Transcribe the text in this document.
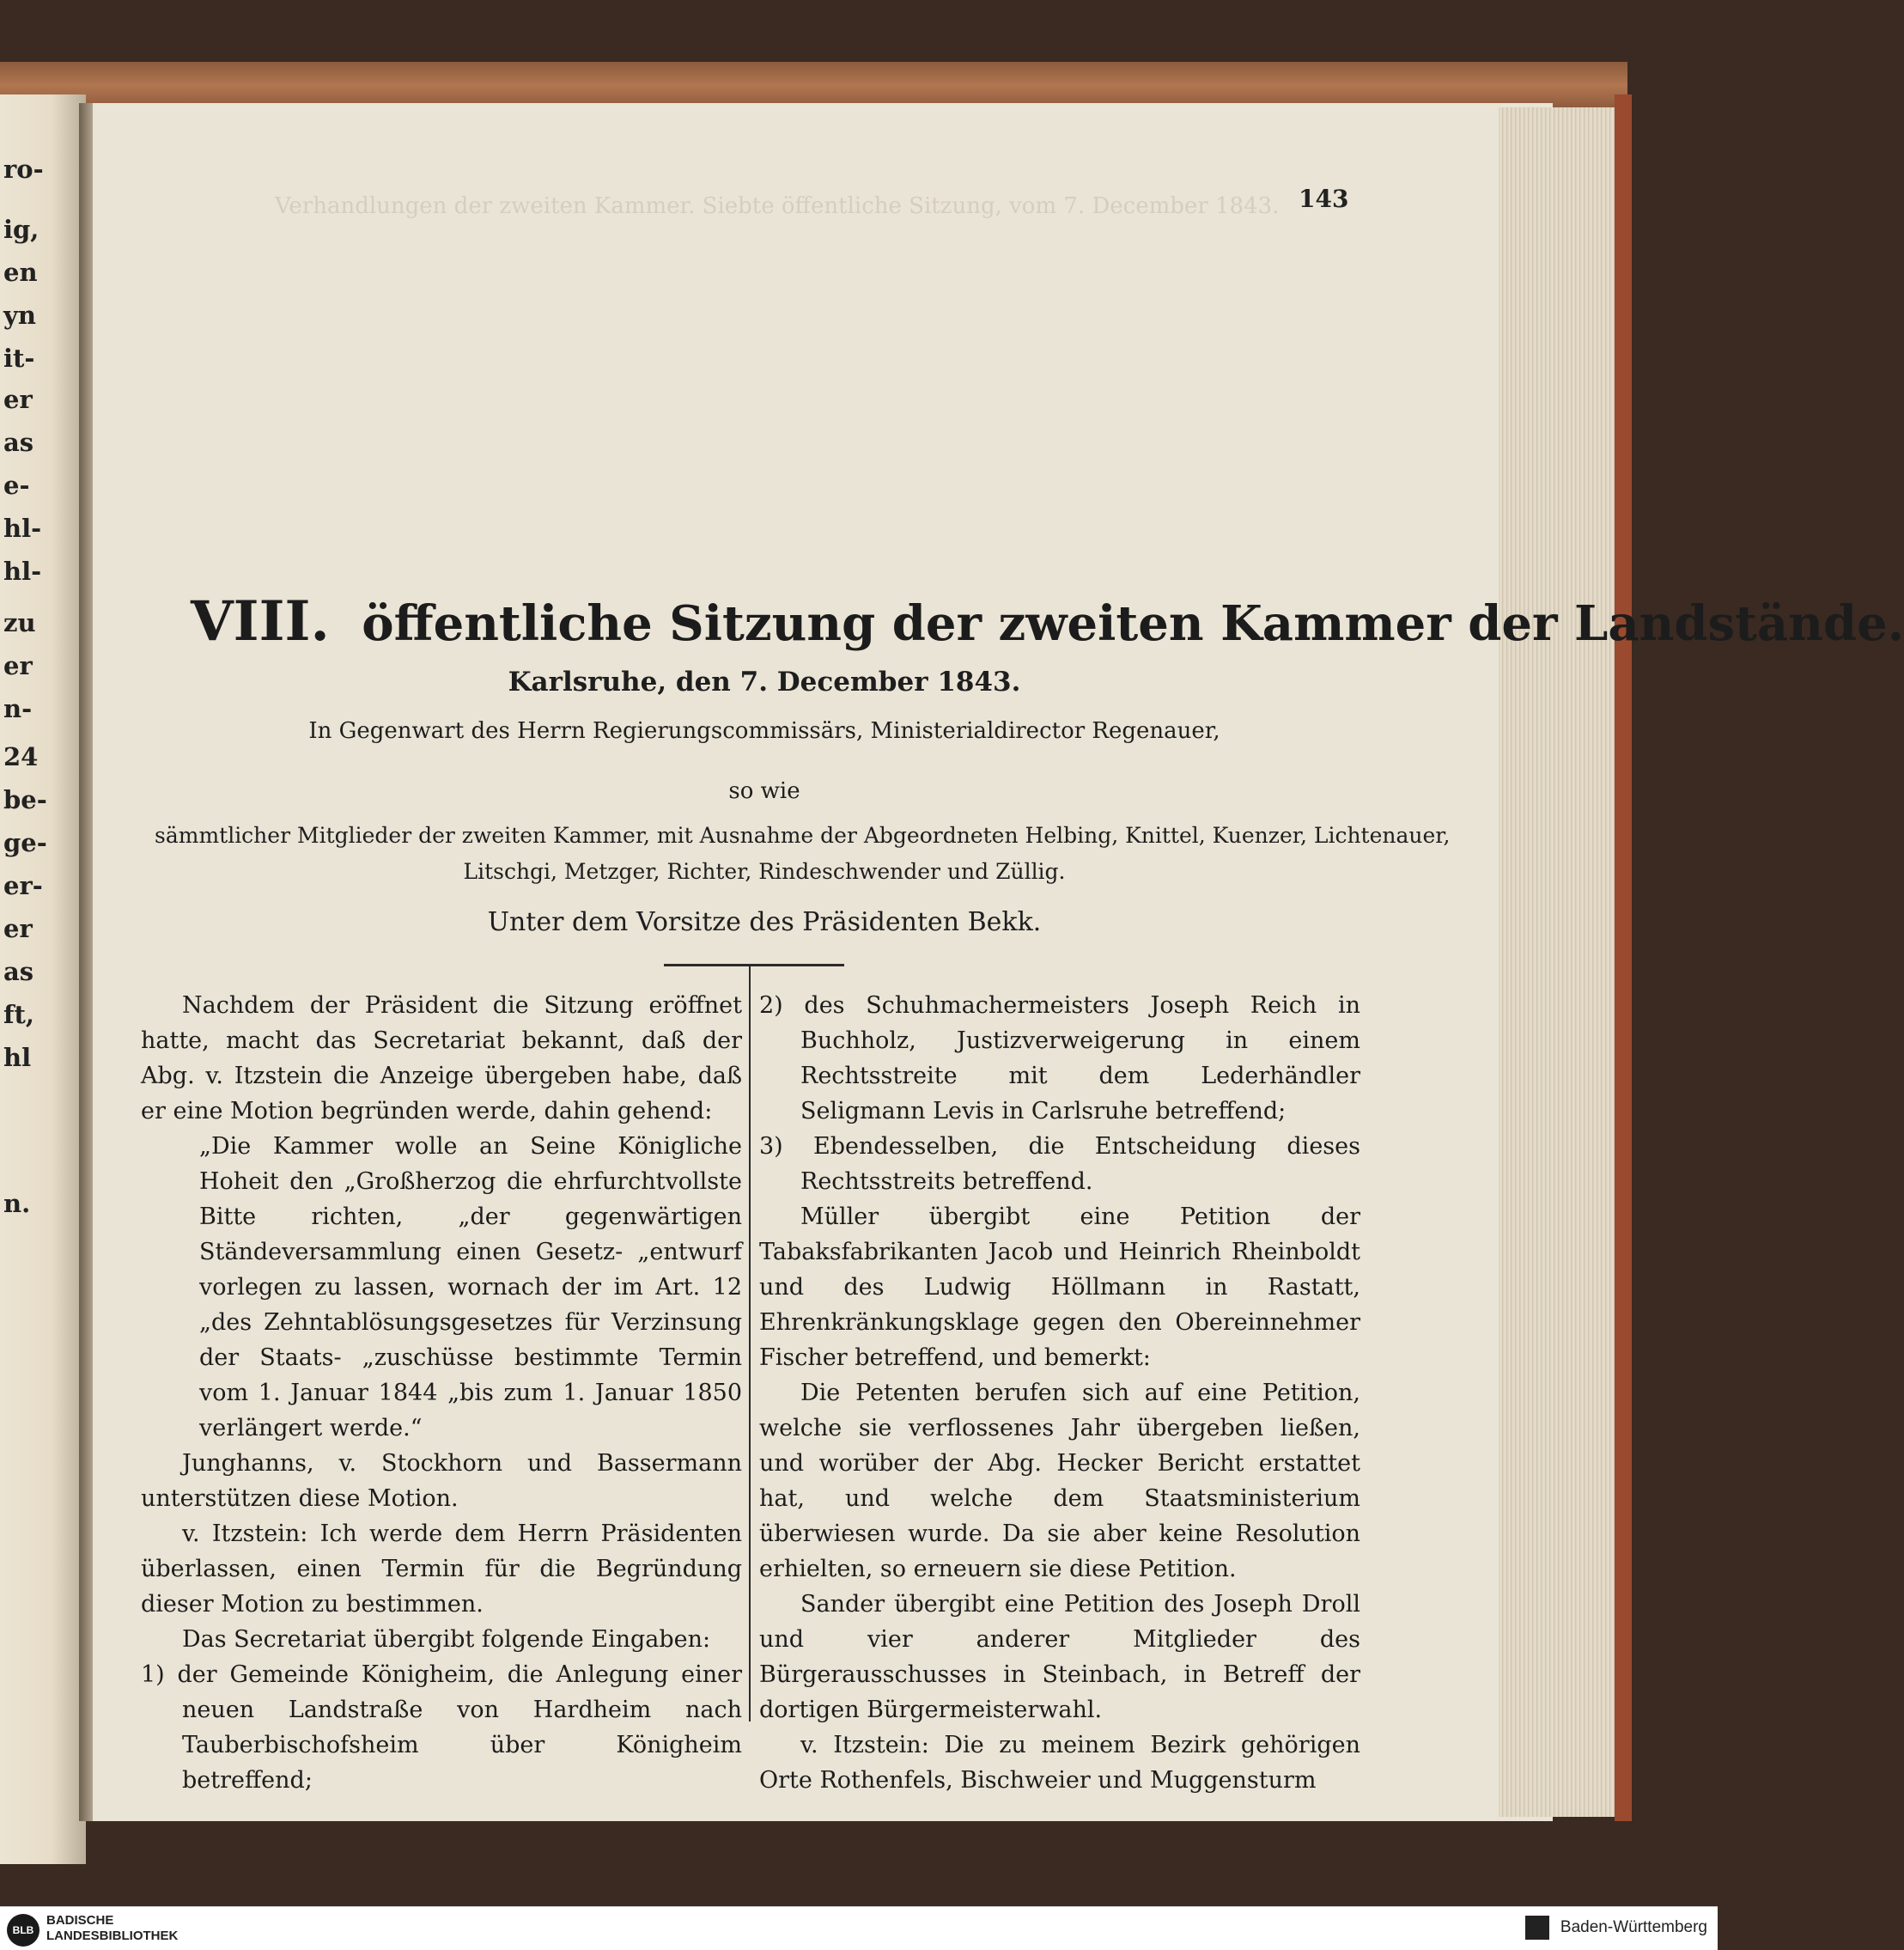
ro-
ig,
en
yn
it-
er
as
e-
hl-
hl-
zu
er
n-
24
be-
ge-
er-
er
as
ft,
hl
n.
Verhandlungen der zweiten Kammer. Siebte öffentliche Sitzung, vom 7. December 1843. 143
VIII. öffentliche Sitzung der zweiten Kammer der Landstände.
Karlsruhe, den 7. December 1843.
In Gegenwart des Herrn Regierungscommissärs, Ministerialdirector Regenauer,
so wie
sämmtlicher Mitglieder der zweiten Kammer, mit Ausnahme der Abgeordneten Helbing, Knittel, Kuenzer, Lichtenauer,
Litschgi, Metzger, Richter, Rindeschwender und Züllig.
Unter dem Vorsitze des Präsidenten Bekk.

Nachdem der Präsident die Sitzung eröffnet hatte, macht das Secretariat bekannt, daß der Abg. v. Itzstein die Anzeige übergeben habe, daß er eine Motion begründen werde, dahin gehend:

„Die Kammer wolle an Seine Königliche Hoheit den „Großherzog die ehrfurchtvollste Bitte richten, „der gegenwärtigen Ständeversammlung einen Gesetz- „entwurf vorlegen zu lassen, wornach der im Art. 12 „des Zehntablösungsgesetzes für Verzinsung der Staats- „zuschüsse bestimmte Termin vom 1. Januar 1844 „bis zum 1. Januar 1850 verlängert werde.“

Junghanns, v. Stockhorn und Bassermann unterstützen diese Motion.

v. Itzstein: Ich werde dem Herrn Präsidenten überlassen, einen Termin für die Begründung dieser Motion zu bestimmen.

Das Secretariat übergibt folgende Eingaben:

1) der Gemeinde Königheim, die Anlegung einer neuen Landstraße von Hardheim nach Tauberbischofsheim über Königheim betreffend;

2) des Schuhmachermeisters Joseph Reich in Buchholz, Justizverweigerung in einem Rechtsstreite mit dem Lederhändler Seligmann Levis in Carlsruhe betreffend;

3) Ebendesselben, die Entscheidung dieses Rechtsstreits betreffend.

Müller übergibt eine Petition der Tabaksfabrikanten Jacob und Heinrich Rheinboldt und des Ludwig Höllmann in Rastatt, Ehrenkränkungsklage gegen den Obereinnehmer Fischer betreffend, und bemerkt:

Die Petenten berufen sich auf eine Petition, welche sie verflossenes Jahr übergeben ließen, und worüber der Abg. Hecker Bericht erstattet hat, und welche dem Staatsministerium überwiesen wurde. Da sie aber keine Resolution erhielten, so erneuern sie diese Petition.

Sander übergibt eine Petition des Joseph Droll und vier anderer Mitglieder des Bürgerausschusses in Steinbach, in Betreff der dortigen Bürgermeisterwahl.

v. Itzstein: Die zu meinem Bezirk gehörigen Orte Rothenfels, Bischweier und Muggensturm

BLB
BADISCHE
LANDESBIBLIOTHEK	Baden-Württemberg
